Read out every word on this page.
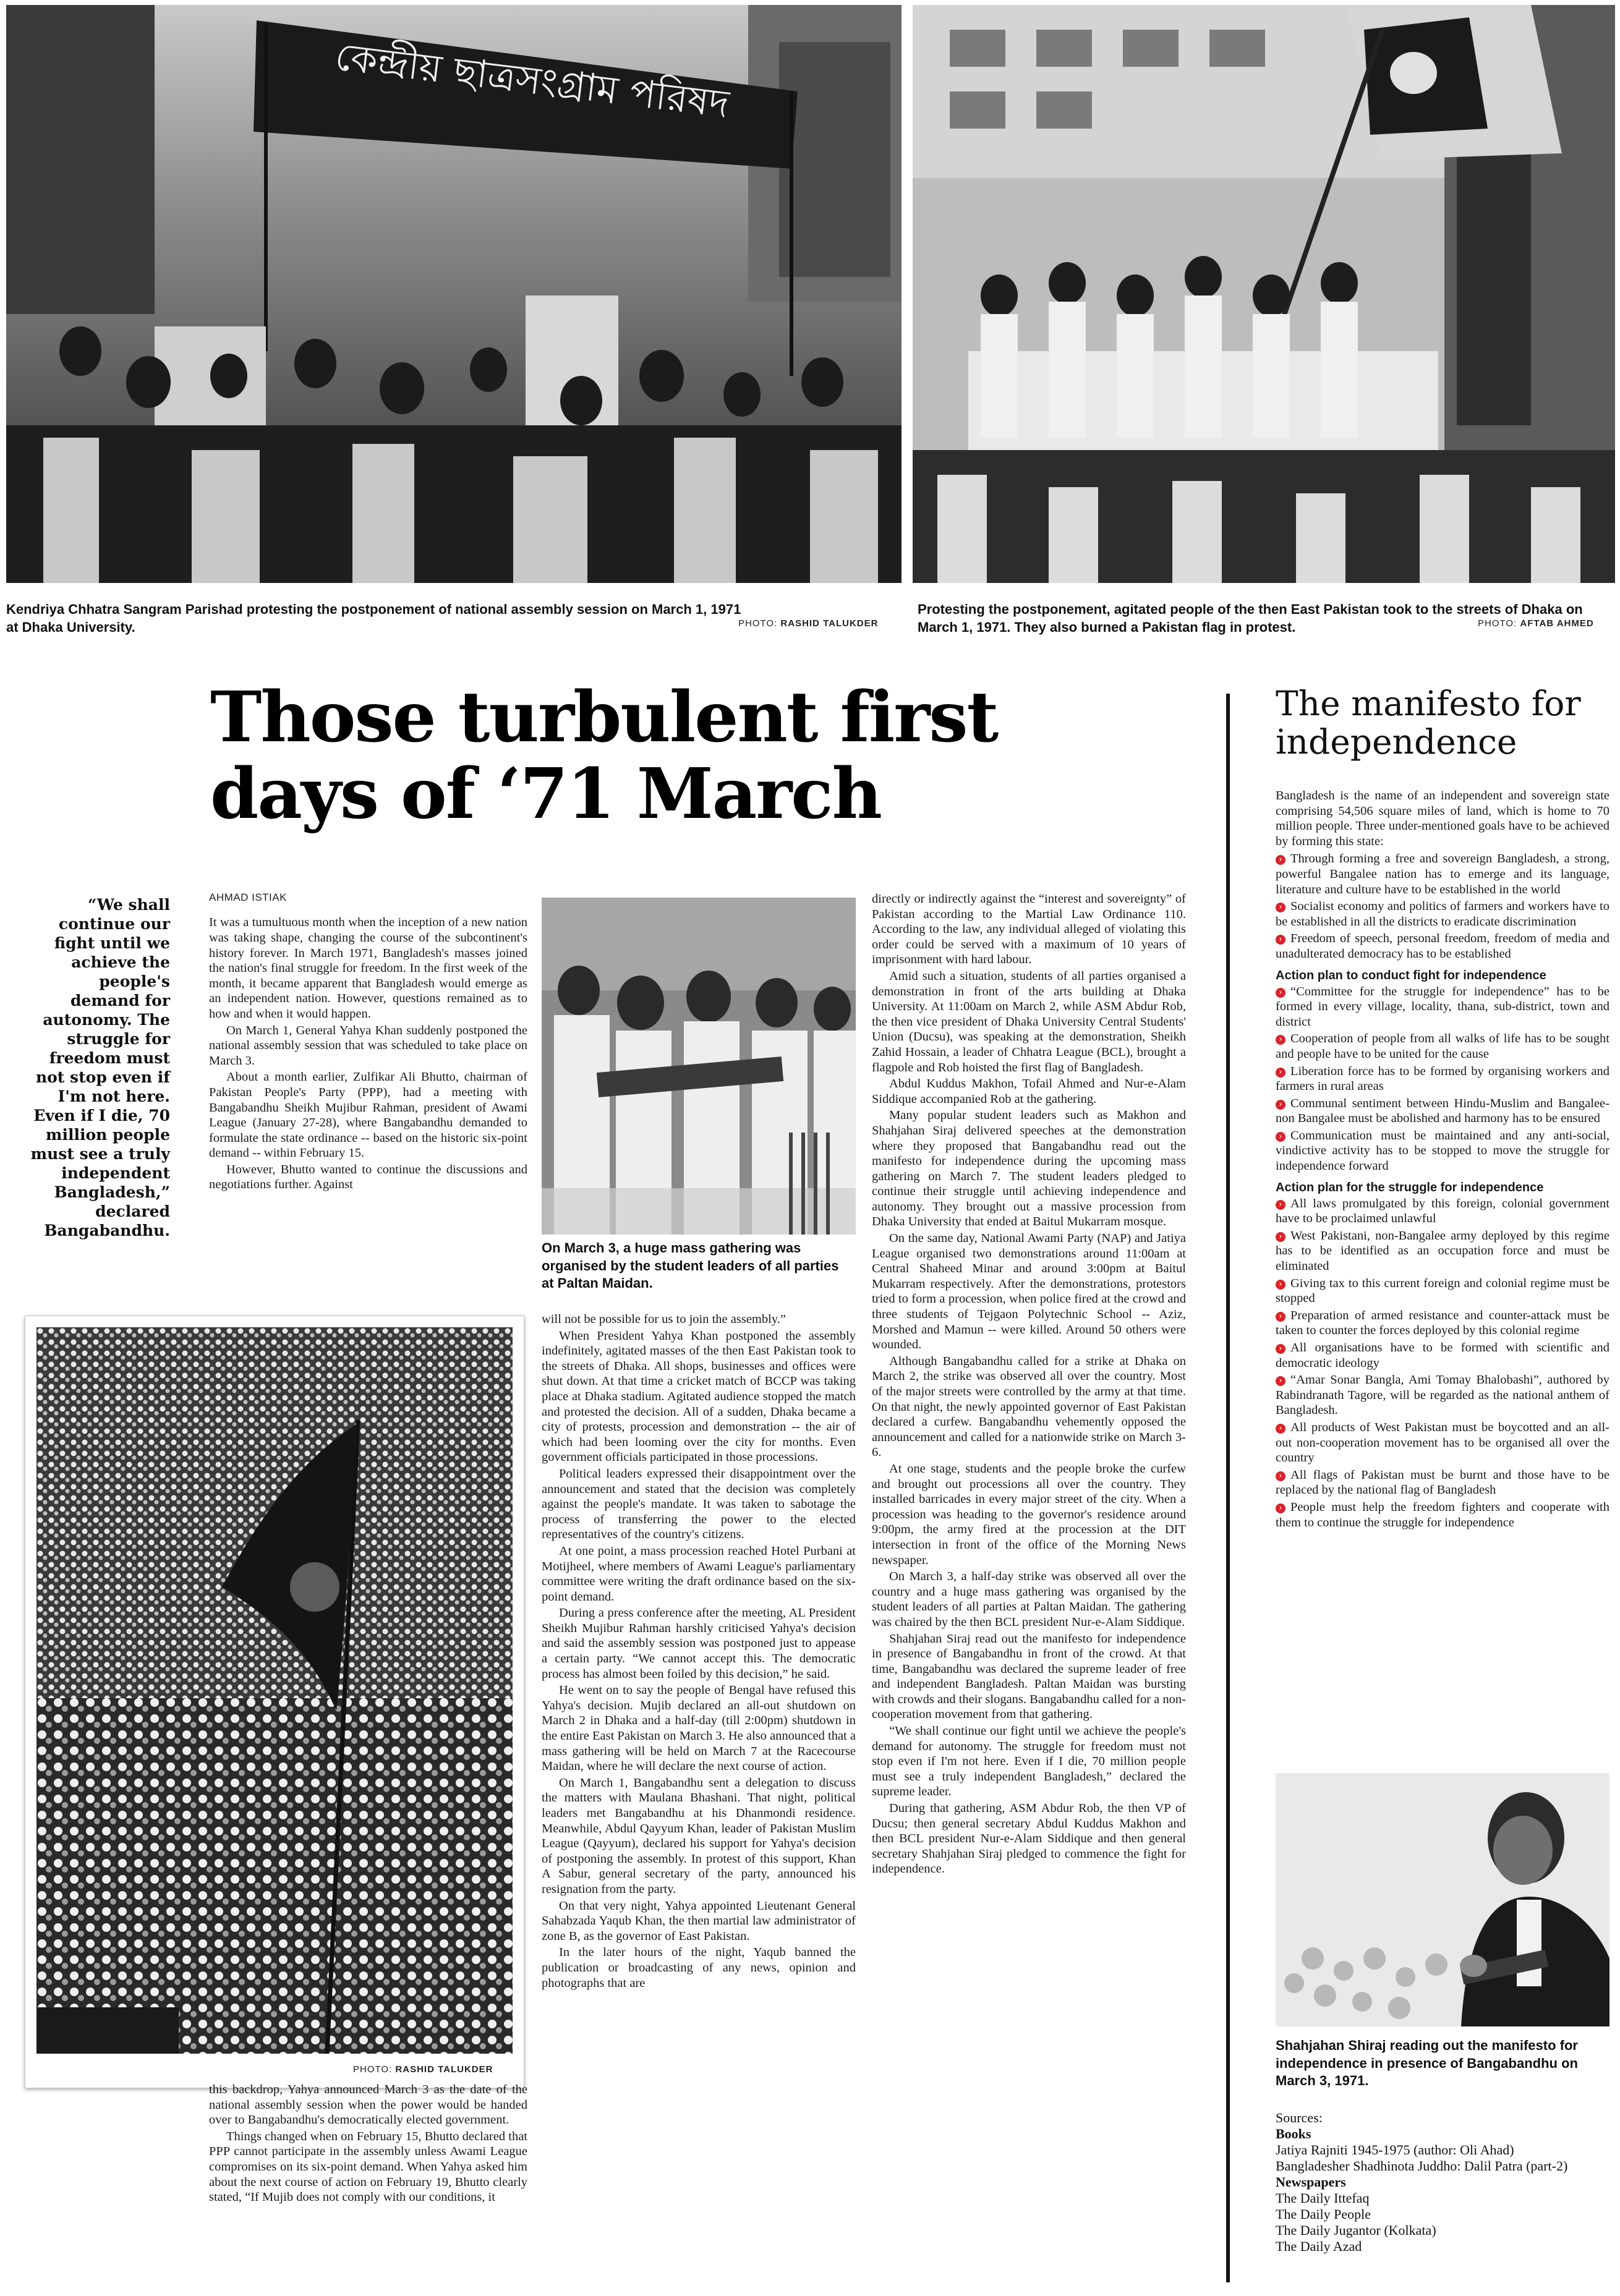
কেন্দ্রীয় ছাত্রসংগ্রাম পরিষদ
Kendriya Chhatra Sangram Parishad protesting the postponement of national assembly session on March 1, 1971 at Dhaka University.	PHOTO: RASHID TALUKDER
Protesting the postponement, agitated people of the then East Pakistan took to the streets of Dhaka on March 1, 1971. They also burned a Pakistan flag in protest.	PHOTO: AFTAB AHMED
Those turbulent first
days of ‘71 March
“We shall continue our fight until we achieve the people's demand for autonomy. The struggle for freedom must not stop even if I'm not here. Even if I die, 70 million people must see a truly independent Bangladesh,” declared Bangabandhu.
AHMAD ISTIAK

It was a tumultuous month when the inception of a new nation was taking shape, changing the course of the subcontinent's history forever. In March 1971, Bangladesh's masses joined the nation's final struggle for freedom. In the first week of the month, it became apparent that Bangladesh would emerge as an independent nation. However, questions remained as to how and when it would happen.

On March 1, General Yahya Khan suddenly postponed the national assembly session that was scheduled to take place on March 3.

About a month earlier, Zulfikar Ali Bhutto, chairman of Pakistan People's Party (PPP), had a meeting with Bangabandhu Sheikh Mujibur Rahman, president of Awami League (January 27-28), where Bangabandhu demanded to formulate the state ordinance -- based on the historic six-point demand -- within February 15.

However, Bhutto wanted to continue the discussions and negotiations further. Against

On March 3, a huge mass gathering was organised by the student leaders of all parties at Paltan Maidan.
PHOTO: RASHID TALUKDER

this backdrop, Yahya announced March 3 as the date of the national assembly session when the power would be handed over to Bangabandhu's democratically elected government.

Things changed when on February 15, Bhutto declared that PPP cannot participate in the assembly unless Awami League compromises on its six-point demand. When Yahya asked him about the next course of action on February 19, Bhutto clearly stated, “If Mujib does not comply with our conditions, it

will not be possible for us to join the assembly.”

When President Yahya Khan postponed the assembly indefinitely, agitated masses of the then East Pakistan took to the streets of Dhaka. All shops, businesses and offices were shut down. At that time a cricket match of BCCP was taking place at Dhaka stadium. Agitated audience stopped the match and protested the decision. All of a sudden, Dhaka became a city of protests, procession and demonstration -- the air of which had been looming over the city for months. Even government officials participated in those processions.

Political leaders expressed their disappointment over the announcement and stated that the decision was completely against the people's mandate. It was taken to sabotage the process of transferring the power to the elected representatives of the country's citizens.

At one point, a mass procession reached Hotel Purbani at Motijheel, where members of Awami League's parliamentary committee were writing the draft ordinance based on the six-point demand.

During a press conference after the meeting, AL President Sheikh Mujibur Rahman harshly criticised Yahya's decision and said the assembly session was postponed just to appease a certain party. “We cannot accept this. The democratic process has almost been foiled by this decision,” he said.

He went on to say the people of Bengal have refused this Yahya's decision. Mujib declared an all-out shutdown on March 2 in Dhaka and a half-day (till 2:00pm) shutdown in the entire East Pakistan on March 3. He also announced that a mass gathering will be held on March 7 at the Racecourse Maidan, where he will declare the next course of action.

On March 1, Bangabandhu sent a delegation to discuss the matters with Maulana Bhashani. That night, political leaders met Bangabandhu at his Dhanmondi residence. Meanwhile, Abdul Qayyum Khan, leader of Pakistan Muslim League (Qayyum), declared his support for Yahya's decision of postponing the assembly. In protest of this support, Khan A Sabur, general secretary of the party, announced his resignation from the party.

On that very night, Yahya appointed Lieutenant General Sahabzada Yaqub Khan, the then martial law administrator of zone B, as the governor of East Pakistan.

In the later hours of the night, Yaqub banned the publication or broadcasting of any news, opinion and photographs that are

directly or indirectly against the “interest and sovereignty” of Pakistan according to the Martial Law Ordinance 110. According to the law, any individual alleged of violating this order could be served with a maximum of 10 years of imprisonment with hard labour.

Amid such a situation, students of all parties organised a demonstration in front of the arts building at Dhaka University. At 11:00am on March 2, while ASM Abdur Rob, the then vice president of Dhaka University Central Students' Union (Ducsu), was speaking at the demonstration, Sheikh Zahid Hossain, a leader of Chhatra League (BCL), brought a flagpole and Rob hoisted the first flag of Bangladesh.

Abdul Kuddus Makhon, Tofail Ahmed and Nur-e-Alam Siddique accompanied Rob at the gathering.

Many popular student leaders such as Makhon and Shahjahan Siraj delivered speeches at the demonstration where they proposed that Bangabandhu read out the manifesto for independence during the upcoming mass gathering on March 7. The student leaders pledged to continue their struggle until achieving independence and autonomy. They brought out a massive procession from Dhaka University that ended at Baitul Mukarram mosque.

On the same day, National Awami Party (NAP) and Jatiya League organised two demonstrations around 11:00am at Central Shaheed Minar and around 3:00pm at Baitul Mukarram respectively. After the demonstrations, protestors tried to form a procession, when police fired at the crowd and three students of Tejgaon Polytechnic School -- Aziz, Morshed and Mamun -- were killed. Around 50 others were wounded.

Although Bangabandhu called for a strike at Dhaka on March 2, the strike was observed all over the country. Most of the major streets were controlled by the army at that time. On that night, the newly appointed governor of East Pakistan declared a curfew. Bangabandhu vehemently opposed the announcement and called for a nationwide strike on March 3-6.

At one stage, students and the people broke the curfew and brought out processions all over the country. They installed barricades in every major street of the city. When a procession was heading to the governor's residence around 9:00pm, the army fired at the procession at the DIT intersection in front of the office of the Morning News newspaper.

On March 3, a half-day strike was observed all over the country and a huge mass gathering was organised by the student leaders of all parties at Paltan Maidan. The gathering was chaired by the then BCL president Nur-e-Alam Siddique.

Shahjahan Siraj read out the manifesto for independence in presence of Bangabandhu in front of the crowd. At that time, Bangabandhu was declared the supreme leader of free and independent Bangladesh. Paltan Maidan was bursting with crowds and their slogans. Bangabandhu called for a non-cooperation movement from that gathering.

“We shall continue our fight until we achieve the people's demand for autonomy. The struggle for freedom must not stop even if I'm not here. Even if I die, 70 million people must see a truly independent Bangladesh,” declared the supreme leader.

During that gathering, ASM Abdur Rob, the then VP of Ducsu; then general secretary Abdul Kuddus Makhon and then BCL president Nur-e-Alam Siddique and then general secretary Shahjahan Siraj pledged to commence the fight for independence.

The manifesto for independence

Bangladesh is the name of an independent and sovereign state comprising 54,506 square miles of land, which is home to 70 million people. Three under-mentioned goals have to be achieved by forming this state:

› Through forming a free and sovereign Bangladesh, a strong, powerful Bangalee nation has to emerge and its language, literature and culture have to be established in the world
› Socialist economy and politics of farmers and workers have to be established in all the districts to eradicate discrimination
› Freedom of speech, personal freedom, freedom of media and unadulterated democracy has to be established
Action plan to conduct fight for independence
› “Committee for the struggle for independence” has to be formed in every village, locality, thana, sub-district, town and district
› Cooperation of people from all walks of life has to be sought and people have to be united for the cause
› Liberation force has to be formed by organising workers and farmers in rural areas
› Communal sentiment between Hindu-Muslim and Bangalee-non Bangalee must be abolished and harmony has to be ensured
› Communication must be maintained and any anti-social, vindictive activity has to be stopped to move the struggle for independence forward
Action plan for the struggle for independence
› All laws promulgated by this foreign, colonial government have to be proclaimed unlawful
› West Pakistani, non-Bangalee army deployed by this regime has to be identified as an occupation force and must be eliminated
› Giving tax to this current foreign and colonial regime must be stopped
› Preparation of armed resistance and counter-attack must be taken to counter the forces deployed by this colonial regime
› All organisations have to be formed with scientific and democratic ideology
› “Amar Sonar Bangla, Ami Tomay Bhalobashi”, authored by Rabindranath Tagore, will be regarded as the national anthem of Bangladesh.
› All products of West Pakistan must be boycotted and an all-out non-cooperation movement has to be organised all over the country
› All flags of Pakistan must be burnt and those have to be replaced by the national flag of Bangladesh
› People must help the freedom fighters and cooperate with them to continue the struggle for independence
Shahjahan Shiraj reading out the manifesto for independence in presence of Bangabandhu on March 3, 1971.
Sources:
Books
Jatiya Rajniti 1945-1975 (author: Oli Ahad)
Bangladesher Shadhinota Juddho: Dalil Patra (part-2)
Newspapers
The Daily Ittefaq
The Daily People
The Daily Jugantor (Kolkata)
The Daily Azad
